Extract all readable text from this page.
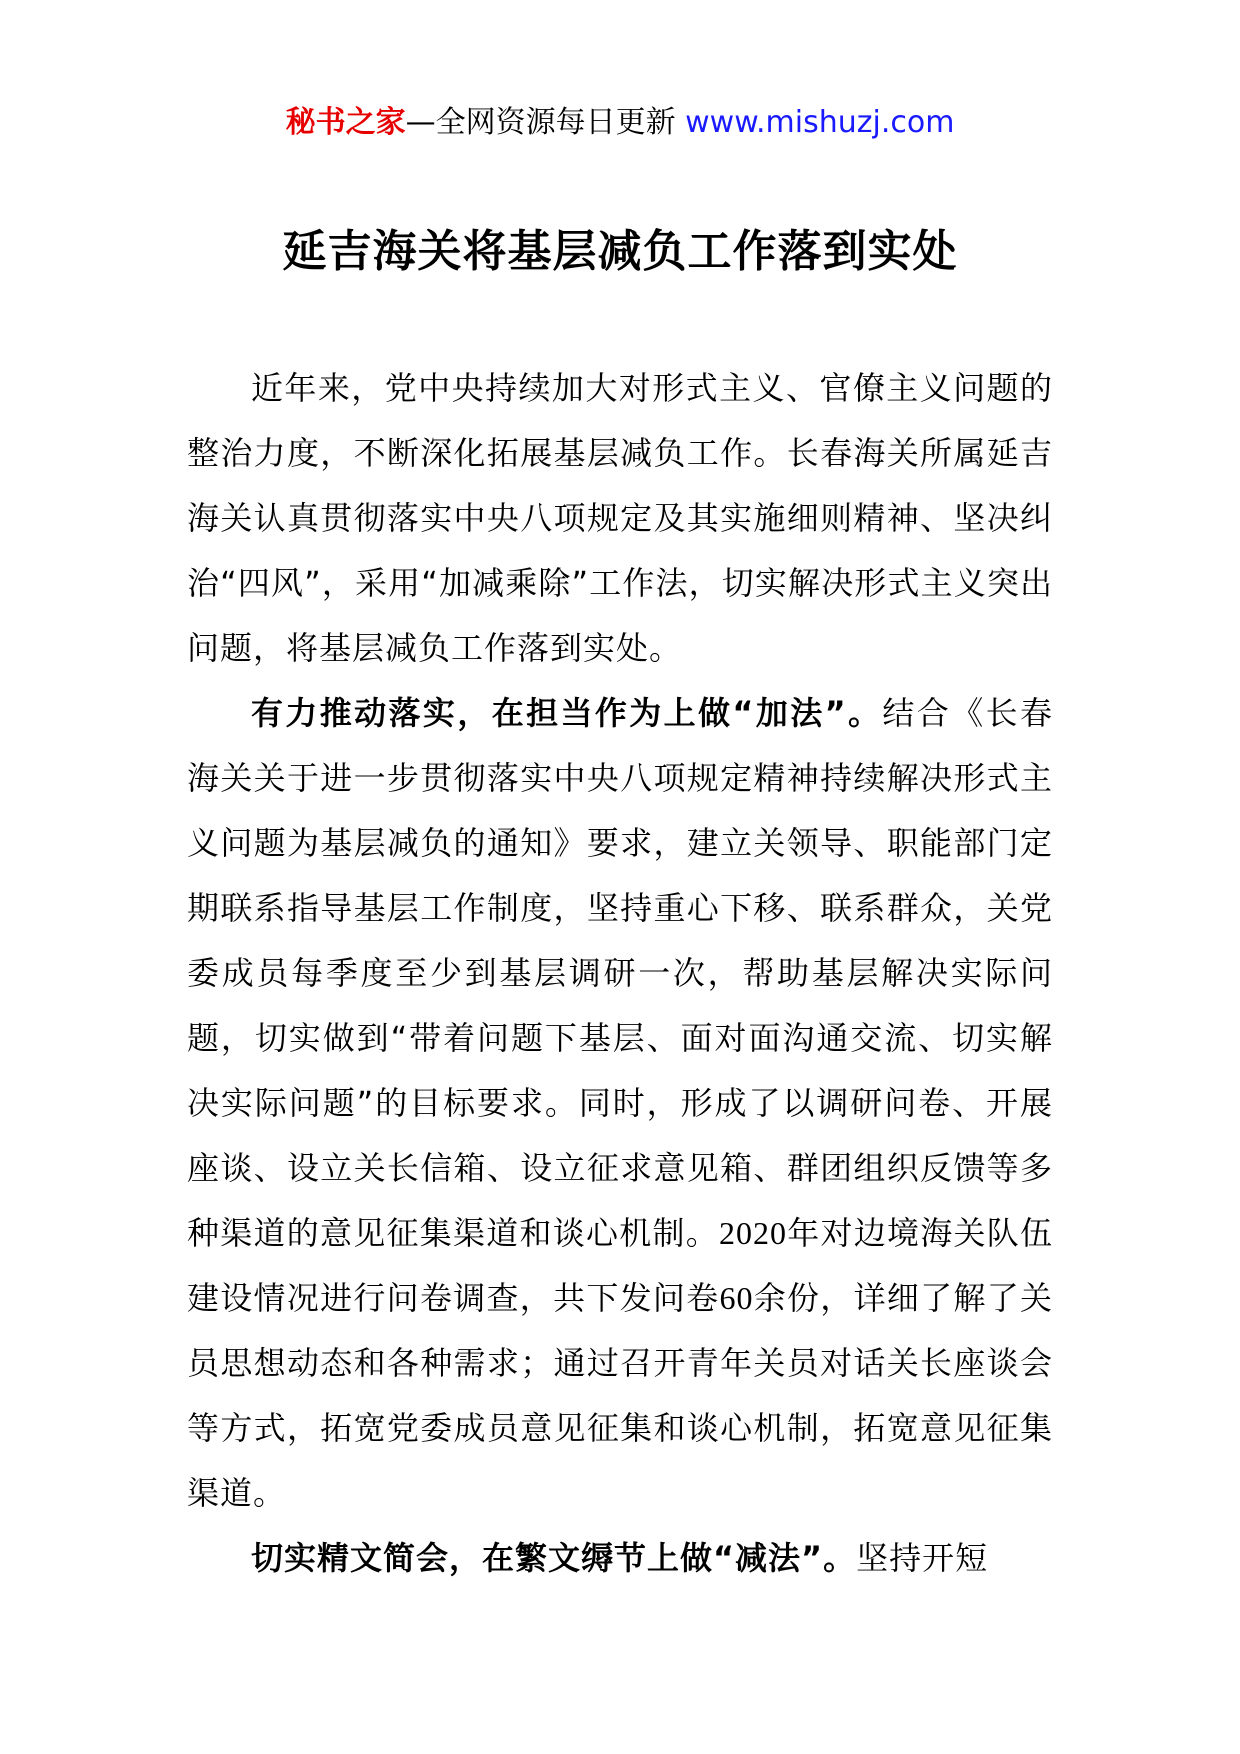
秘书之家—全网资源每日更新 www.mishuzj.com
延吉海关将基层减负工作落到实处

近年来，党中央持续加大对形式主义、官僚主义问题的整治力度，不断深化拓展基层减负工作。长春海关所属延吉海关认真贯彻落实中央八项规定及其实施细则精神、坚决纠治“四风”，采用“加减乘除”工作法，切实解决形式主义突出问题，将基层减负工作落到实处。

有力推动落实，在担当作为上做“加法”。结合《长春海关关于进一步贯彻落实中央八项规定精神持续解决形式主义问题为基层减负的通知》要求，建立关领导、职能部门定期联系指导基层工作制度，坚持重心下移、联系群众，关党委成员每季度至少到基层调研一次，帮助基层解决实际问题，切实做到“带着问题下基层、面对面沟通交流、切实解决实际问题”的目标要求。同时，形成了以调研问卷、开展座谈、设立关长信箱、设立征求意见箱、群团组织反馈等多种渠道的意见征集渠道和谈心机制。2020年对边境海关队伍建设情况进行问卷调查，共下发问卷60余份，详细了解了关员思想动态和各种需求；通过召开青年关员对话关长座谈会等方式，拓宽党委成员意见征集和谈心机制，拓宽意见征集渠道。

切实精文简会，在繁文缛节上做“减法”。坚持开短
